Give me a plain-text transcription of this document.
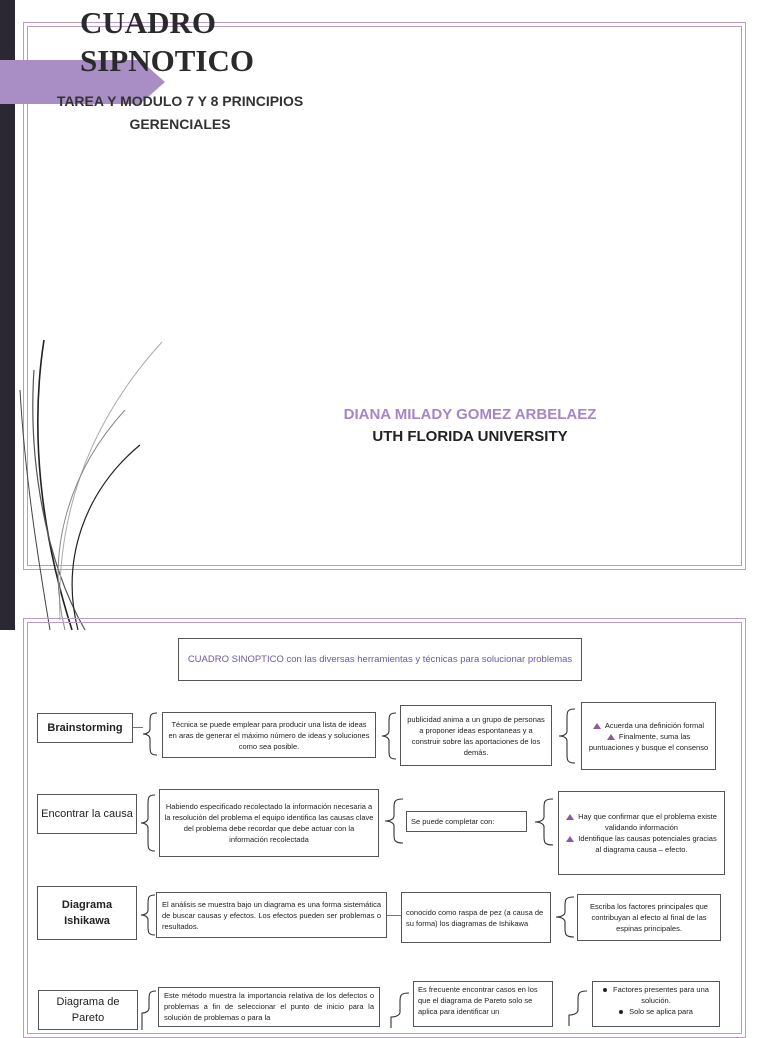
CUADRO
SIPNOTICO
TAREA Y MODULO 7 Y 8 PRINCIPIOS GERENCIALES
DIANA MILADY GOMEZ ARBELAEZ
UTH FLORIDA UNIVERSITY
CUADRO SINOPTICO con las diversas herramientas y técnicas para solucionar problemas
Brainstorming	Técnica se puede emplear para producir una lista de ideas en aras de generar el máximo número de ideas y soluciones como sea posible.
publicidad anima a un grupo de personas a proponer ideas espontaneas y a construir sobre las aportaciones de los demás.
Acuerda una definición formal
Finalmente, suma las puntuaciones y busque el consenso
Encontrar la causa
Habiendo especificado recolectado la información necesaria a la resolución del problema el equipo identifica las causas clave del problema debe recordar que debe actuar con la información recolectada
Se puede completar con:
Hay que confirmar que el problema existe validando información
Identifique las causas potenciales gracias al diagrama causa – efecto.
Diagrama Ishikawa
El análisis se muestra bajo un diagrama es una forma sistemática de buscar causas y efectos. Los efectos pueden ser problemas o resultados.
conocido como raspa de pez (a causa de su forma) los diagramas de Ishikawa
Escriba los factores principales que contribuyan al efecto al final de las espinas principales.
Diagrama de Pareto
Este método muestra la importancia relativa de los defectos o problemas a fin de seleccionar el punto de inicio para la solución de problemas o para la
Es frecuente encontrar casos en los que el diagrama de Pareto solo se aplica para identificar un
Factores presentes para una solución.
Solo se aplica para
